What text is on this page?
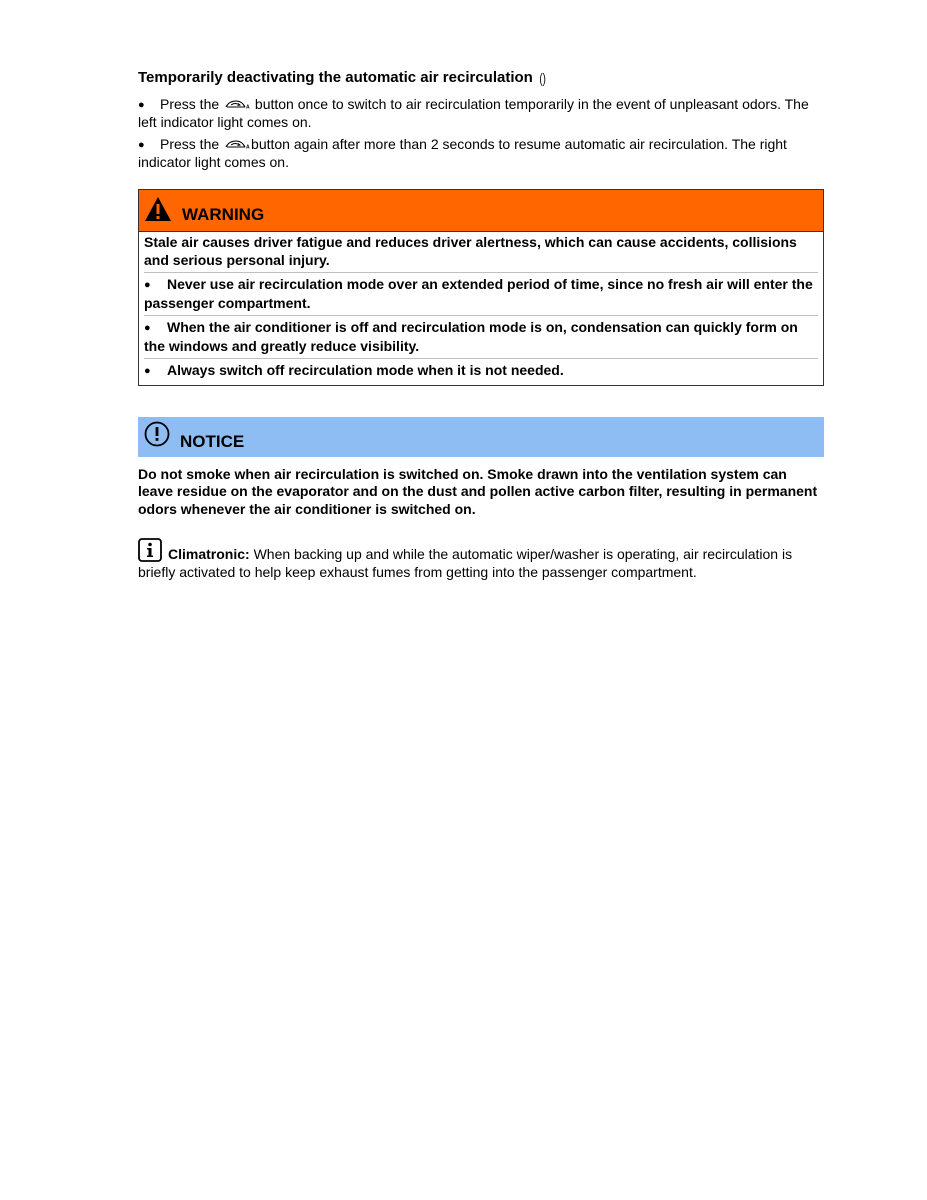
Temporarily deactivating the automatic air recirculation ()
● Press the	A button once to switch to air recirculation temporarily in the event of unpleasant odors. The left indicator light comes on.
● Press the	A button again after more than 2 seconds to resume automatic air recirculation. The right indicator light comes on.
WARNING
Stale air causes driver fatigue and reduces driver alertness, which can cause accidents, collisions and serious personal injury.
● Never use air recirculation mode over an extended period of time, since no fresh air will enter the passenger compartment.
● When the air conditioner is off and recirculation mode is on, condensation can quickly form on the windows and greatly reduce visibility.
● Always switch off recirculation mode when it is not needed.
NOTICE
Do not smoke when air recirculation is switched on. Smoke drawn into the ventilation system can leave residue on the evaporator and on the dust and pollen active carbon filter, resulting in permanent odors whenever the air conditioner is switched on.
Climatronic: When backing up and while the automatic wiper/washer is operating, air recirculation is briefly activated to help keep exhaust fumes from getting into the passenger compartment.
